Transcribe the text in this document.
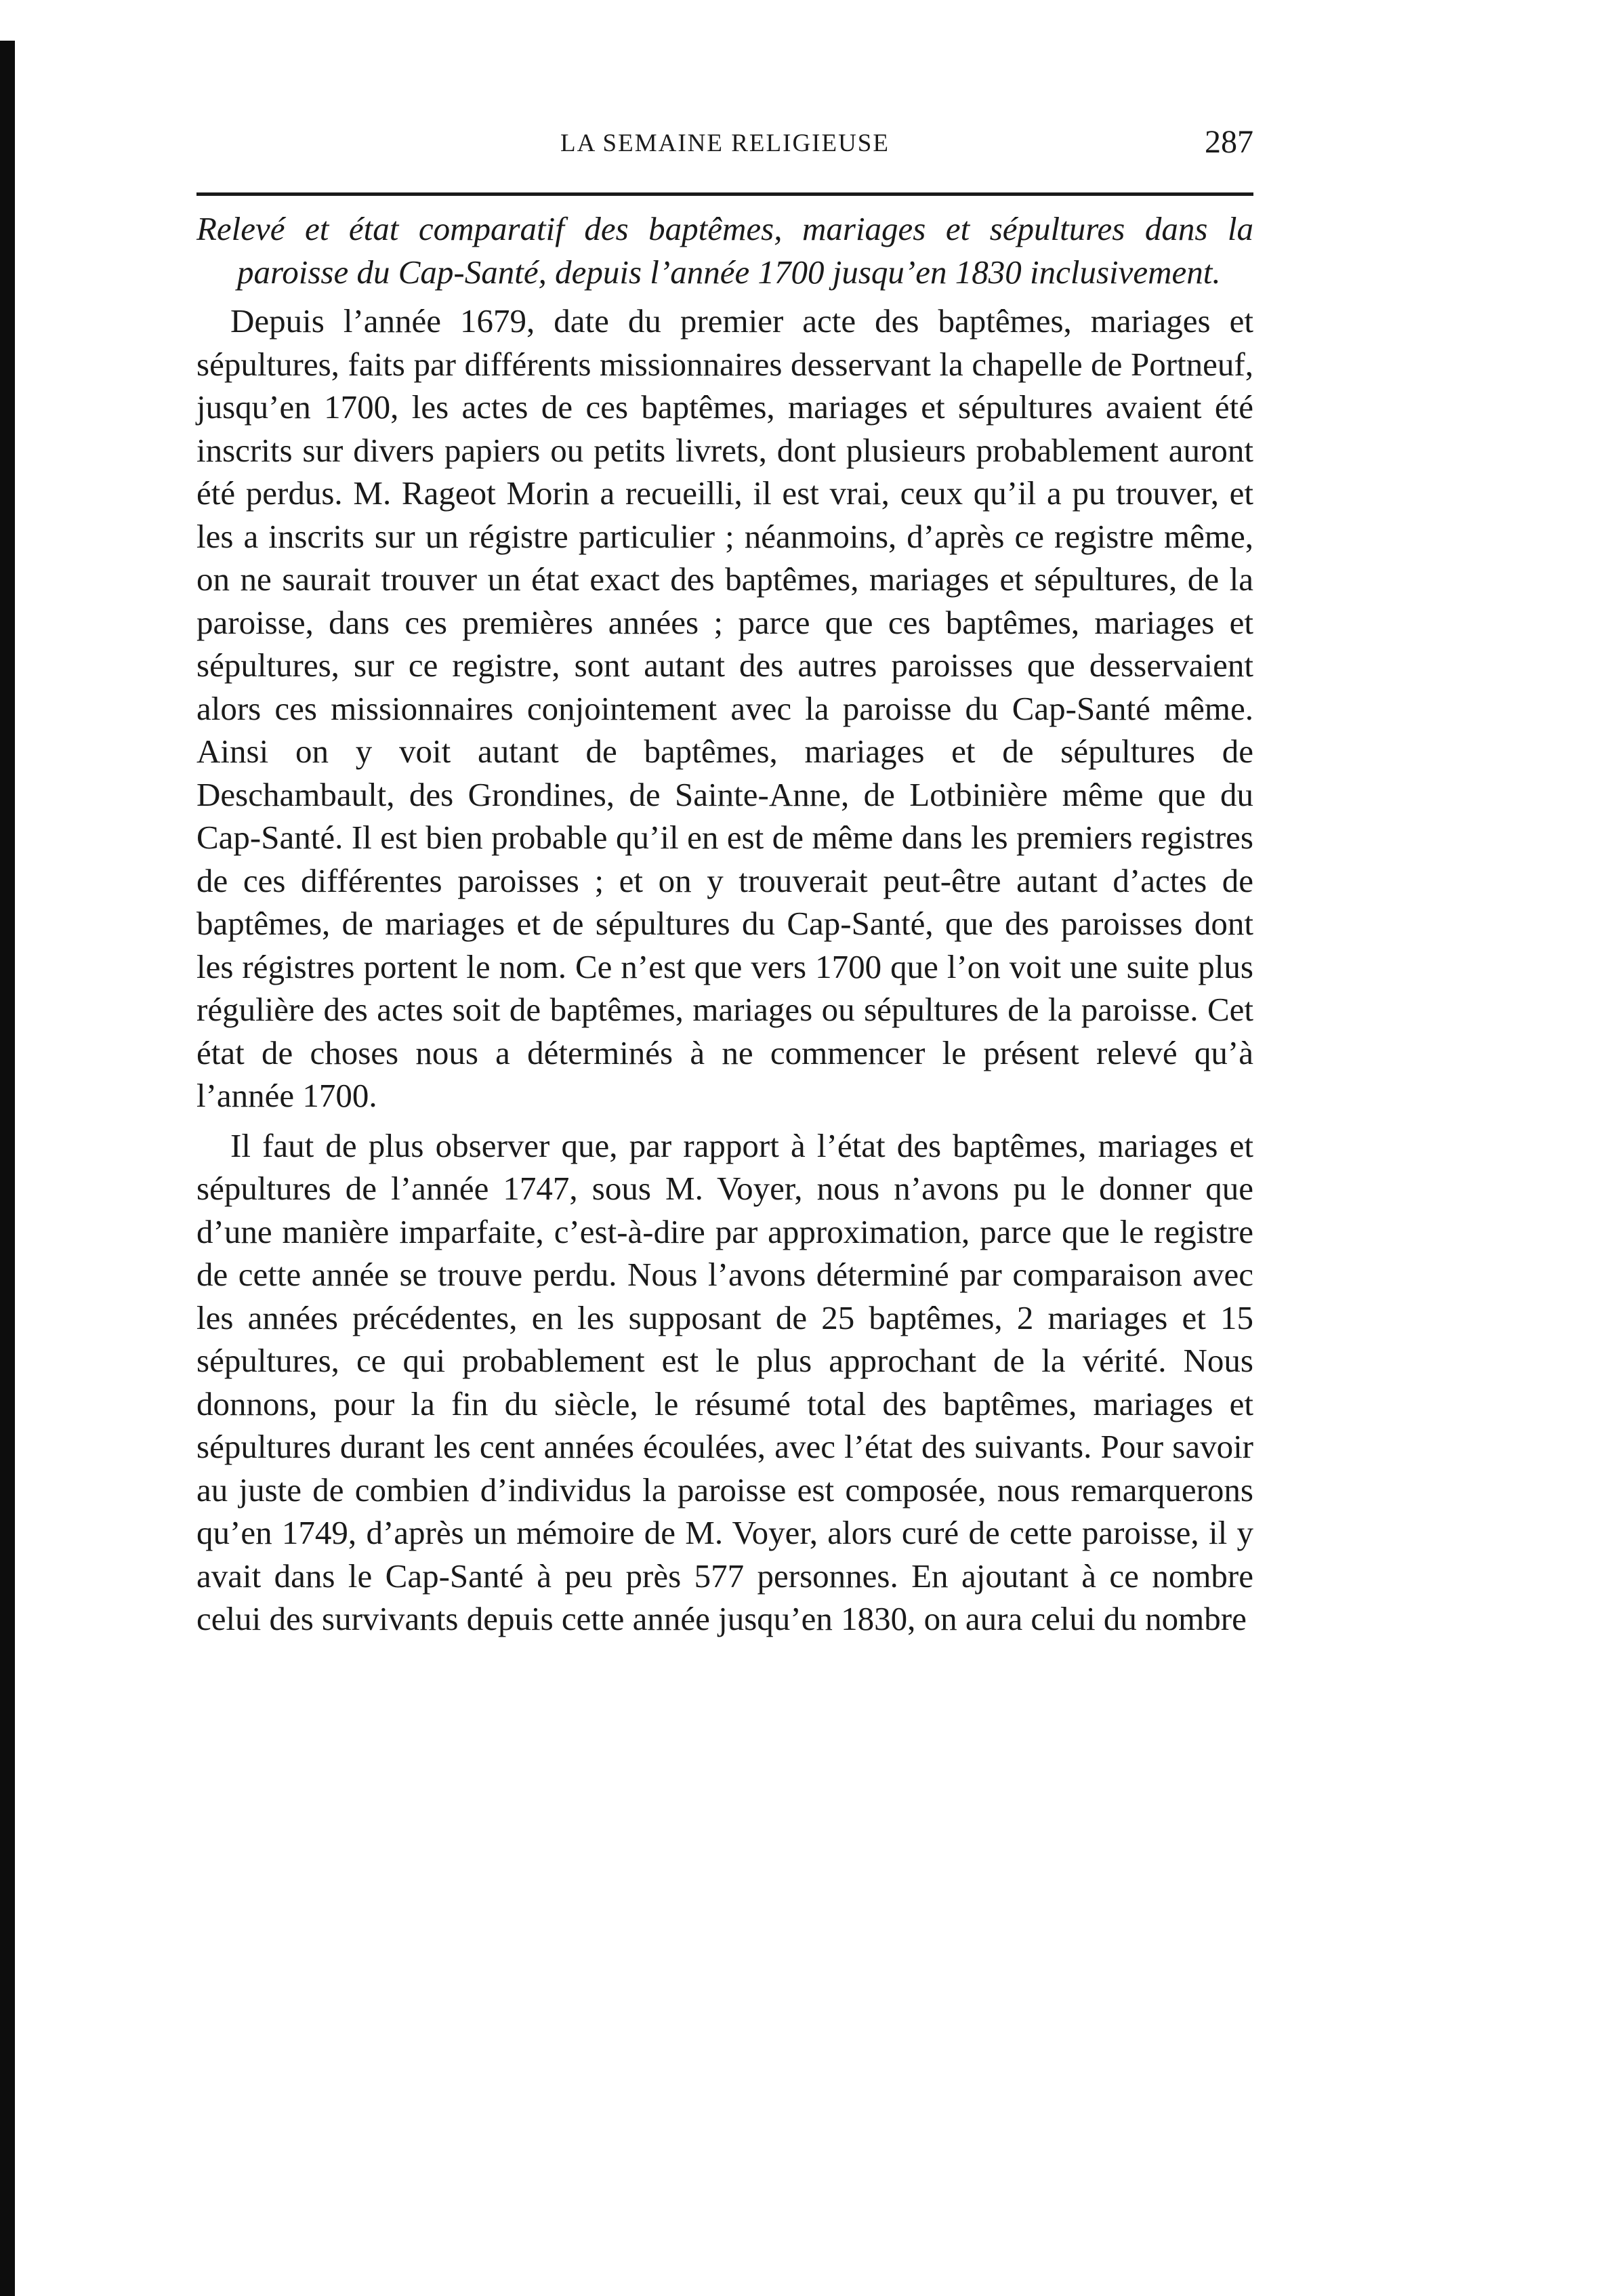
LA SEMAINE RELIGIEUSE	287

Relevé et état comparatif des baptêmes, mariages et sépultures dans la paroisse du Cap-Santé, depuis l’année 1700 jusqu’en 1830 inclusivement.

Depuis l’année 1679, date du premier acte des baptêmes, mariages et sépultures, faits par différents missionnaires desservant la chapelle de Portneuf, jusqu’en 1700, les actes de ces baptêmes, mariages et sépultures avaient été inscrits sur divers papiers ou petits livrets, dont plusieurs probablement auront été perdus. M. Rageot Morin a recueilli, il est vrai, ceux qu’il a pu trouver, et les a inscrits sur un régistre particulier ; néanmoins, d’après ce registre même, on ne saurait trouver un état exact des baptêmes, mariages et sépultures, de la paroisse, dans ces premières années ; parce que ces baptêmes, mariages et sépultures, sur ce registre, sont autant des autres paroisses que desservaient alors ces missionnaires conjointement avec la paroisse du Cap-Santé même. Ainsi on y voit autant de baptêmes, mariages et de sépultures de Deschambault, des Grondines, de Sainte-Anne, de Lotbinière même que du Cap-Santé. Il est bien probable qu’il en est de même dans les premiers registres de ces différentes paroisses ; et on y trouverait peut-être autant d’actes de baptêmes, de mariages et de sépultures du Cap-Santé, que des paroisses dont les régistres portent le nom. Ce n’est que vers 1700 que l’on voit une suite plus régulière des actes soit de baptêmes, mariages ou sépultures de la paroisse. Cet état de choses nous a déterminés à ne commencer le présent relevé qu’à l’année 1700.

Il faut de plus observer que, par rapport à l’état des baptêmes, mariages et sépultures de l’année 1747, sous M. Voyer, nous n’avons pu le donner que d’une manière imparfaite, c’est-à-dire par approximation, parce que le registre de cette année se trouve perdu. Nous l’avons déterminé par comparaison avec les années précédentes, en les supposant de 25 baptêmes, 2 mariages et 15 sépultures, ce qui probablement est le plus approchant de la vérité. Nous donnons, pour la fin du siècle, le résumé total des baptêmes, mariages et sépultures durant les cent années écoulées, avec l’état des suivants. Pour savoir au juste de combien d’individus la paroisse est composée, nous remarquerons qu’en 1749, d’après un mémoire de M. Voyer, alors curé de cette paroisse, il y avait dans le Cap-Santé à peu près 577 personnes. En ajoutant à ce nombre celui des survivants depuis cette année jusqu’en 1830, on aura celui du nombre
